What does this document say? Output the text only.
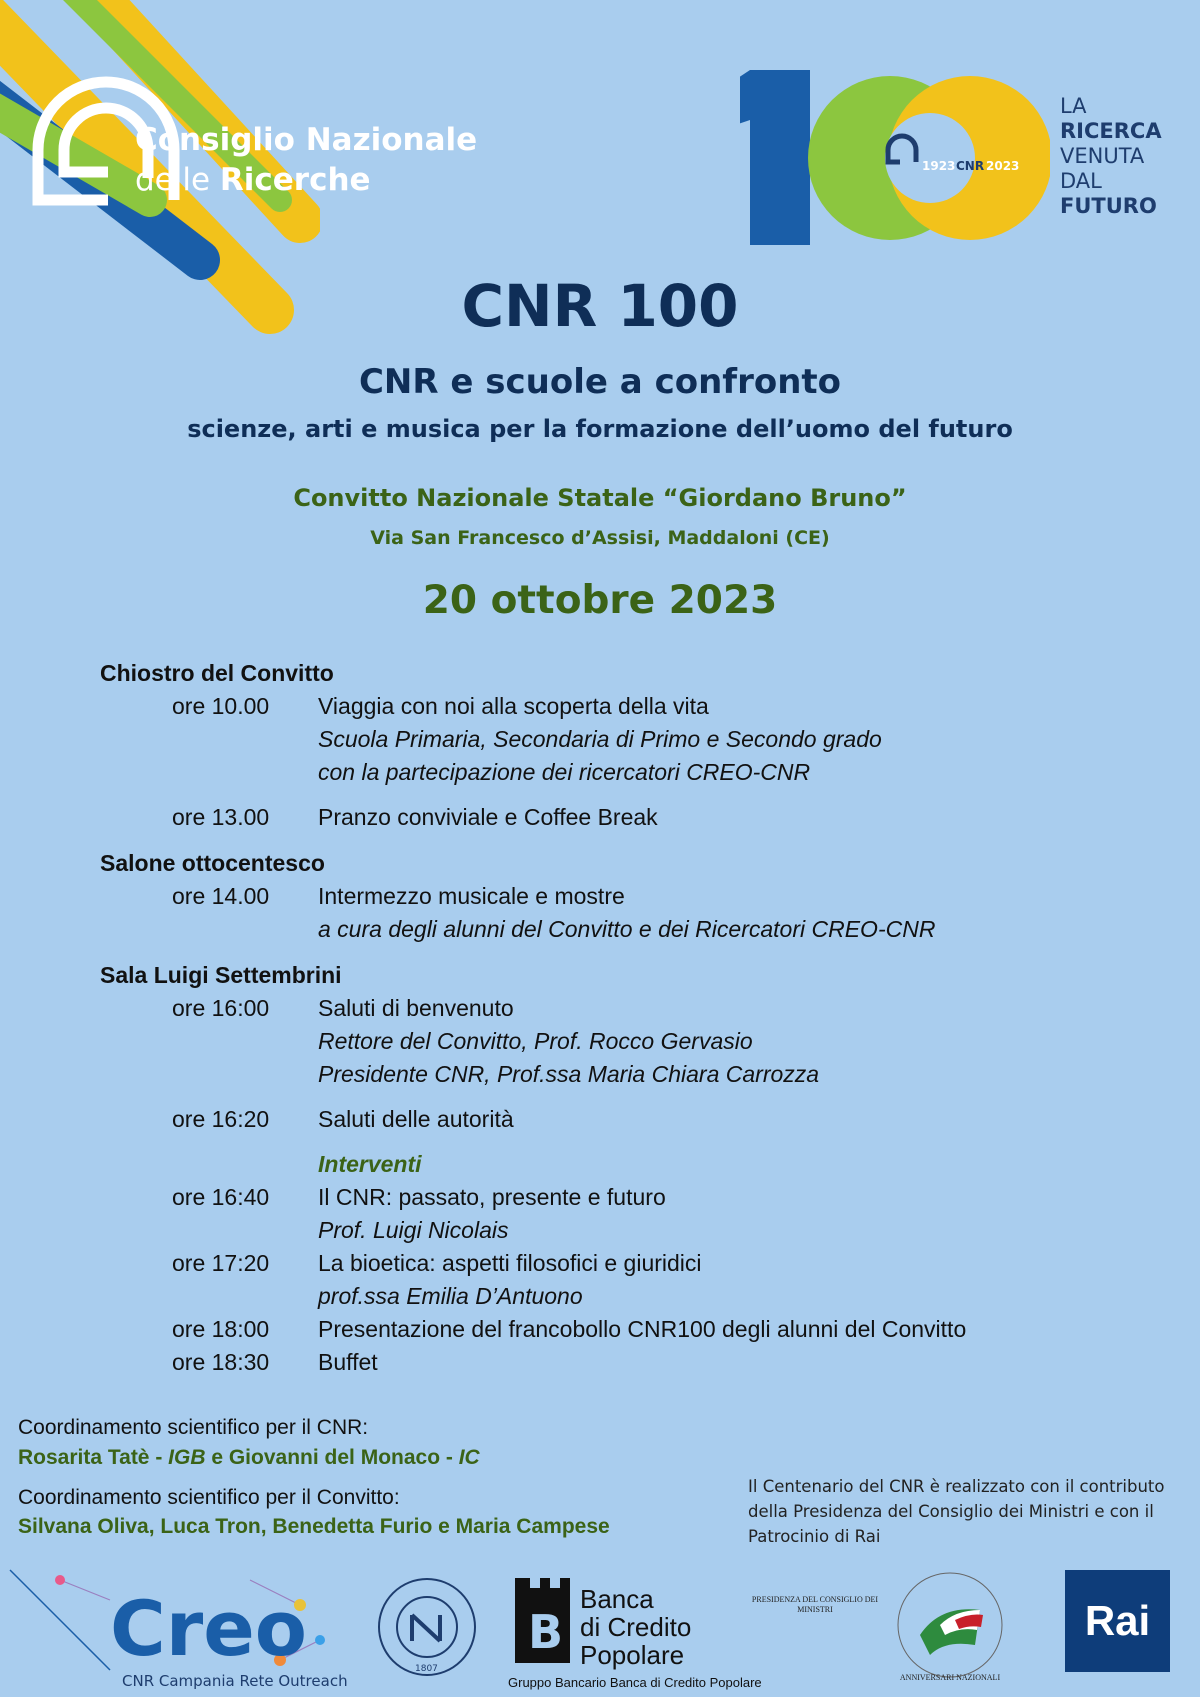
Consiglio Nazionale
delle Ricerche	1923 CNR 2023
LA
RICERCA
VENUTA
DAL
FUTURO
CNR 100
CNR e scuole a confronto
scienze, arti e musica per la formazione dell’uomo del futuro
Convitto Nazionale Statale “Giordano Bruno”
Via San Francesco d’Assisi, Maddaloni (CE)
20 ottobre 2023
Chiostro del Convitto
ore 10.00	Viaggia con noi alla scoperta della vita
Scuola Primaria, Secondaria di Primo e Secondo grado
con la partecipazione dei ricercatori CREO-CNR
ore 13.00	Pranzo conviviale e Coffee Break
Salone ottocentesco
ore 14.00	Intermezzo musicale e mostre
a cura degli alunni del Convitto e dei Ricercatori CREO-CNR
Sala Luigi Settembrini
ore 16:00	Saluti di benvenuto
Rettore del Convitto, Prof. Rocco Gervasio
Presidente CNR, Prof.ssa Maria Chiara Carrozza
ore 16:20	Saluti delle autorità
Interventi
ore 16:40	Il CNR: passato, presente e futuro
Prof. Luigi Nicolais
ore 17:20	La bioetica: aspetti filosofici e giuridici
prof.ssa Emilia D’Antuono
ore 18:00	Presentazione del francobollo CNR100 degli alunni del Convitto
ore 18:30	Buffet
Coordinamento scientifico per il CNR:
Rosarita Tatè - IGB e Giovanni del Monaco - IC
Coordinamento scientifico per il Convitto:
Silvana Oliva, Luca Tron, Benedetta Furio e Maria Campese
Il Centenario del CNR è realizzato con il contributo della Presidenza del Consiglio dei Ministri e con il Patrocinio di Rai
Creo
CNR Campania Rete Outreach
1807
B
Banca
di Credito
Popolare
Gruppo Bancario Banca di Credito Popolare
PRESIDENZA DEL CONSIGLIO DEI MINISTRI
ANNIVERSARI NAZIONALI
Rai
